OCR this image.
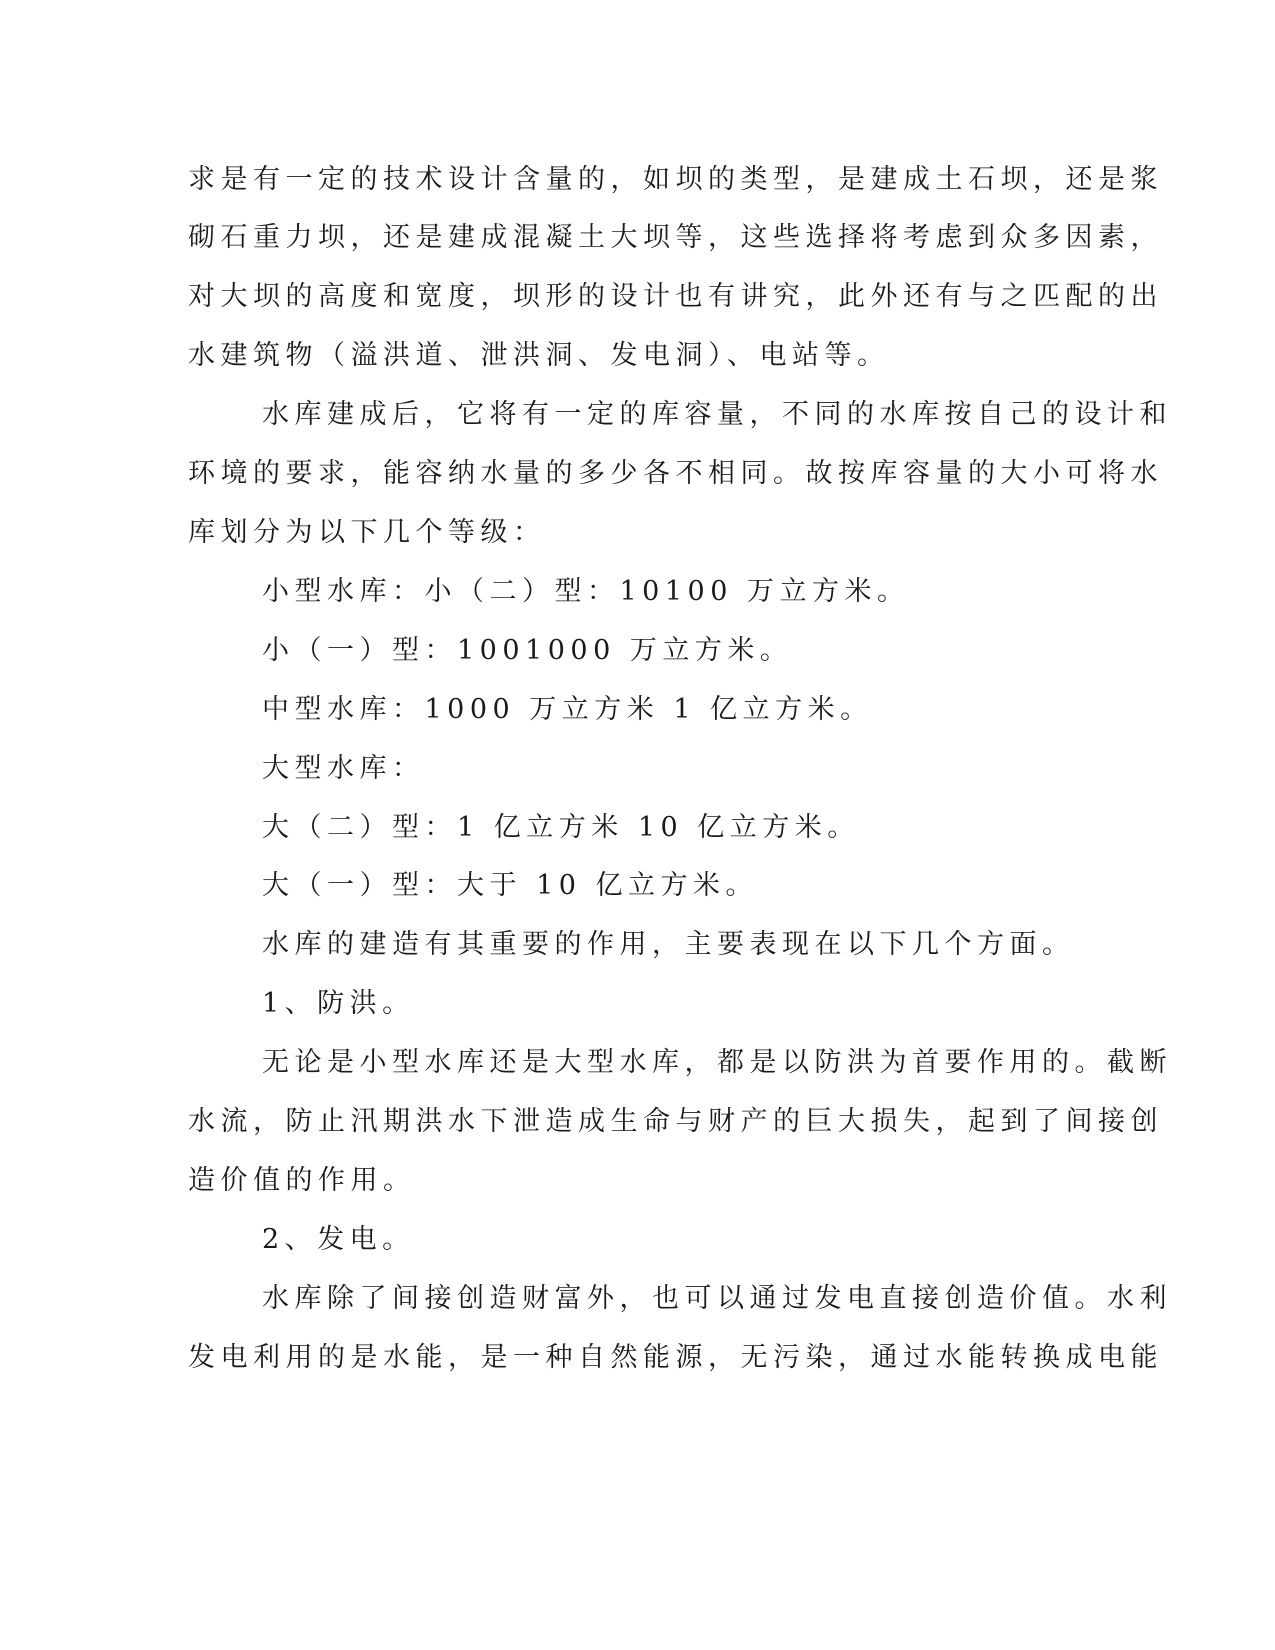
求是有一定的技术设计含量的，如坝的类型，是建成土石坝，还是浆
砌石重力坝，还是建成混凝土大坝等，这些选择将考虑到众多因素，
对大坝的高度和宽度，坝形的设计也有讲究，此外还有与之匹配的出
水建筑物（溢洪道、泄洪洞、发电洞）、电站等。
水库建成后，它将有一定的库容量，不同的水库按自己的设计和
环境的要求，能容纳水量的多少各不相同。故按库容量的大小可将水
库划分为以下几个等级：
小型水库：小（二）型：10100 万立方米。
小（一）型：1001000 万立方米。
中型水库：1000 万立方米 1 亿立方米。
大型水库：
大（二）型：1 亿立方米 10 亿立方米。
大（一）型：大于 10 亿立方米。
水库的建造有其重要的作用，主要表现在以下几个方面。
1、防洪。
无论是小型水库还是大型水库，都是以防洪为首要作用的。截断
水流，防止汛期洪水下泄造成生命与财产的巨大损失，起到了间接创
造价值的作用。
2、发电。
水库除了间接创造财富外，也可以通过发电直接创造价值。水利
发电利用的是水能，是一种自然能源，无污染，通过水能转换成电能
